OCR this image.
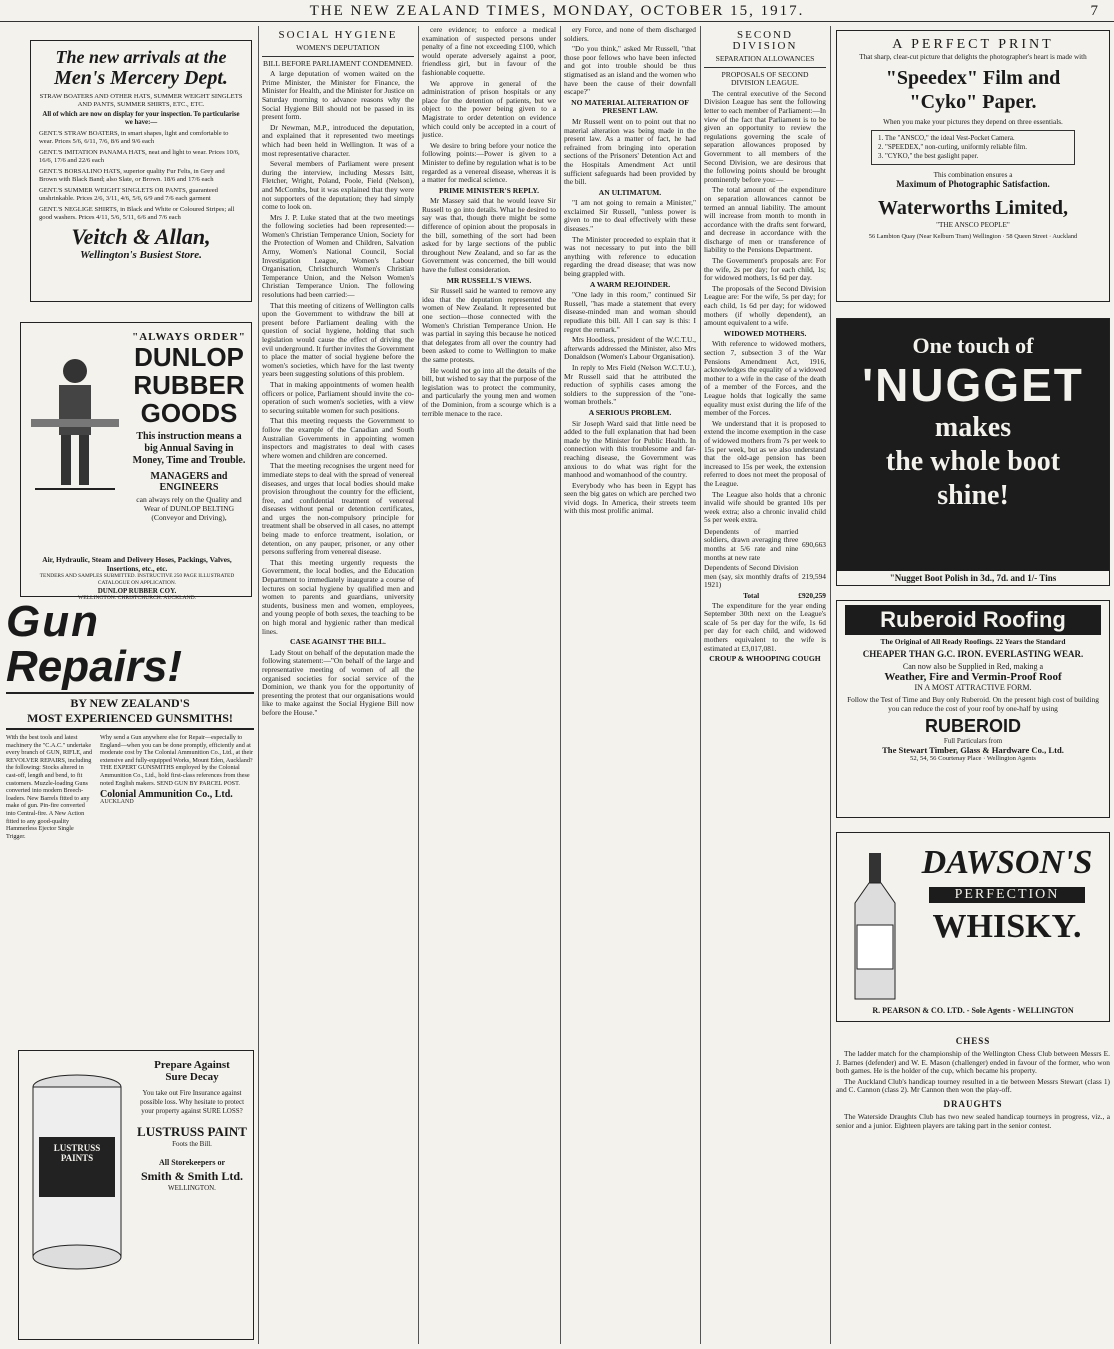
THE NEW ZEALAND TIMES, MONDAY, OCTOBER 15, 1917.	7
The new arrivals at the
Men's Mercery Dept.
STRAW BOATERS AND OTHER HATS, SUMMER WEIGHT SINGLETS AND PANTS, SUMMER SHIRTS, ETC., ETC.
All of which are now on display for your inspection. To particularise we have:—

GENT.'S STRAW BOATERS, in smart shapes, light and comfortable to wear. Prices 5/6, 6/11, 7/6, 8/6 and 9/6 each

GENT.'S IMITATION PANAMA HATS, neat and light to wear. Prices 10/6, 16/6, 17/6 and 22/6 each

GENT.'S BORSALINO HATS, superior quality Fur Felts, in Grey and Brown with Black Band; also Slate, or Brown. 18/6 and 17/6 each

GENT.'S SUMMER WEIGHT SINGLETS OR PANTS, guaranteed unshrinkable. Prices 2/6, 3/11, 4/6, 5/6, 6/9 and 7/6 each garment

GENT.'S NEGLIGE SHIRTS, in Black and White or Coloured Stripes; all good washers. Prices 4/11, 5/6, 5/11, 6/6 and 7/6 each

Veitch & Allan,
Wellington's Busiest Store.
"ALWAYS ORDER"
DUNLOP
RUBBER
GOODS
This instruction means a big Annual Saving in Money, Time and Trouble.
MANAGERS and ENGINEERS
can always rely on the Quality and Wear of DUNLOP BELTING (Conveyor and Driving),
Air, Hydraulic, Steam and Delivery Hoses, Packings, Valves, Insertions, etc., etc.
TENDERS AND SAMPLES SUBMITTED. INSTRUCTIVE 250 PAGE ILLUSTRATED CATALOGUE ON APPLICATION.
DUNLOP RUBBER COY.
WELLINGTON. CHRISTCHURCH. AUCKLAND.
Gun
Repairs!
BY NEW ZEALAND'S
MOST EXPERIENCED GUNSMITHS!
With the best tools and latest machinery the "C.A.C." undertake every branch of GUN, RIFLE, and REVOLVER REPAIRS, including the following: Stocks altered in cast-off, length and bend, to fit customers. Muzzle-loading Guns converted into modern Breech-loaders. New Barrels fitted to any make of gun. Pin-fire converted into Central-fire. A New Action fitted to any good-quality Hammerless Ejector Single Trigger.
Why send a Gun anywhere else for Repair—especially to England—when you can be done promptly, efficiently and at moderate cost by The Colonial Ammunition Co., Ltd., at their extensive and fully-equipped Works, Mount Eden, Auckland? THE EXPERT GUNSMITHS employed by the Colonial Ammunition Co., Ltd., hold first-class references from these noted English makers. SEND GUN BY PARCEL POST.
Colonial Ammunition Co., Ltd.
AUCKLAND
LUSTRUSS
PAINTS
Prepare Against
Sure Decay
You take out Fire Insurance against possible loss. Why hesitate to protect your property against SURE LOSS?
LUSTRUSS PAINT
Foots the Bill.
All Storekeepers or
Smith & Smith Ltd.
WELLINGTON.
SOCIAL HYGIENE
WOMEN'S DEPUTATION
BILL BEFORE PARLIAMENT CONDEMNED.

A large deputation of women waited on the Prime Minister, the Minister for Finance, the Minister for Health, and the Minister for Justice on Saturday morning to advance reasons why the Social Hygiene Bill should not be passed in its present form.

Dr Newman, M.P., introduced the deputation, and explained that it represented two meetings which had been held in Wellington. It was of a most representative character.

Several members of Parliament were present during the interview, including Messrs Isitt, Fletcher, Wright, Poland, Poole, Field (Nelson), and McCombs, but it was explained that they were not supporters of the deputation; they had simply come to look on.

Mrs J. P. Luke stated that at the two meetings the following societies had been represented:—Women's Christian Temperance Union, Society for the Protection of Women and Children, Salvation Army, Women's National Council, Social Investigation League, Women's Labour Organisation, Christchurch Women's Christian Temperance Union, and the Nelson Women's Christian Temperance Union. The following resolutions had been carried:—

That this meeting of citizens of Wellington calls upon the Government to withdraw the bill at present before Parliament dealing with the question of social hygiene, holding that such legislation would cause the effect of driving the evil underground. It further invites the Government to place the matter of social hygiene before the women's societies, which have for the last twenty years been suggesting solutions of this problem.

That in making appointments of women health officers or police, Parliament should invite the co-operation of such women's societies, with a view to securing suitable women for such positions.

That this meeting requests the Government to follow the example of the Canadian and South Australian Governments in appointing women inspectors and magistrates to deal with cases where women and children are concerned.

That the meeting recognises the urgent need for immediate steps to deal with the spread of venereal diseases, and urges that local bodies should make provision throughout the country for the efficient, free, and confidential treatment of venereal diseases without penal or detention certificates, and urges the non-compulsory principle for treatment shall be observed in all cases, no attempt being made to enforce treatment, isolation, or detention, on any pauper, prisoner, or any other persons suffering from venereal disease.

That this meeting urgently requests the Government, the local bodies, and the Education Department to immediately inaugurate a course of lectures on social hygiene by qualified men and women to parents and guardians, university students, business men and women, employees, and young people of both sexes, the teaching to be on high moral and hygienic rather than medical lines.

CASE AGAINST THE BILL.

Lady Stout on behalf of the deputation made the following statement:—"On behalf of the large and representative meeting of women of all the organised societies for social service of the Dominion, we thank you for the opportunity of presenting the protest that our organisations would like to make against the Social Hygiene Bill now before the House."

cere evidence; to enforce a medical examination of suspected persons under penalty of a fine not exceeding £100, which would operate adversely against a poor, friendless girl, but in favour of the fashionable coquette.

We approve in general of the administration of prison hospitals or any place for the detention of patients, but we object to the power being given to a Magistrate to order detention on evidence which could only be accepted in a court of justice.

We desire to bring before your notice the following points:—Power is given to a Minister to define by regulation what is to be regarded as a venereal disease, whereas it is a matter for medical science.

PRIME MINISTER'S REPLY.

Mr Massey said that he would leave Sir Russell to go into details. What he desired to say was that, though there might be some difference of opinion about the proposals in the bill, something of the sort had been asked for by large sections of the public throughout New Zealand, and so far as the Government was concerned, the bill would have the fullest consideration.

MR RUSSELL'S VIEWS.

Sir Russell said he wanted to remove any idea that the deputation represented the women of New Zealand. It represented but one section—those connected with the Women's Christian Temperance Union. He was partial in saying this because he noticed that delegates from all over the country had been asked to come to Wellington to make the same protests.

He would not go into all the details of the bill, but wished to say that the purpose of the legislation was to protect the community, and particularly the young men and women of the Dominion, from a scourge which is a terrible menace to the race.

ery Force, and none of them discharged soldiers.

"Do you think," asked Mr Russell, "that those poor fellows who have been infected and got into trouble should be thus stigmatised as an island and the women who have been the cause of their downfall escape?"

NO MATERIAL ALTERATION OF PRESENT LAW.

Mr Russell went on to point out that no material alteration was being made in the present law. As a matter of fact, he had refrained from bringing into operation sections of the Prisoners' Detention Act and the Hospitals Amendment Act until sufficient safeguards had been provided by the bill.

AN ULTIMATUM.

"I am not going to remain a Minister," exclaimed Sir Russell, "unless power is given to me to deal effectively with these diseases."

The Minister proceeded to explain that it was not necessary to put into the bill anything with reference to education regarding the dread disease; that was now being grappled with.

A WARM REJOINDER.

"One lady in this room," continued Sir Russell, "has made a statement that every disease-minded man and woman should repudiate this bill. All I can say is this: I regret the remark."

Mrs Hoodless, president of the W.C.T.U., afterwards addressed the Minister, also Mrs Donaldson (Women's Labour Organisation).

In reply to Mrs Field (Nelson W.C.T.U.), Mr Russell said that he attributed the reduction of syphilis cases among the soldiers to the suppression of the "one-woman brothels."

A SERIOUS PROBLEM.

Sir Joseph Ward said that little need be added to the full explanation that had been made by the Minister for Public Health. In connection with this troublesome and far-reaching disease, the Government was anxious to do what was right for the manhood and womanhood of the country.

Everybody who has been in Egypt has seen the big gates on which are perched two vivid dogs. In America, their streets teem with this most prolific animal.

SECOND DIVISION
SEPARATION ALLOWANCES
PROPOSALS OF SECOND DIVISION LEAGUE.

The central executive of the Second Division League has sent the following letter to each member of Parliament:—In view of the fact that Parliament is to be given an opportunity to review the regulations governing the scale of separation allowances proposed by Government to all members of the Second Division, we are desirous that the following points should be brought prominently before you:—

The total amount of the expenditure on separation allowances cannot be termed an annual liability. The amount will increase from month to month in accordance with the drafts sent forward, and decrease in accordance with the discharge of men or transference of liability to the Pensions Department.

The Government's proposals are: For the wife, 2s per day; for each child, 1s; for widowed mothers, 1s 6d per day.

The proposals of the Second Division League are: For the wife, 5s per day; for each child, 1s 6d per day; for widowed mothers (if wholly dependent), an amount equivalent to a wife.

WIDOWED MOTHERS.

With reference to widowed mothers, section 7, subsection 3 of the War Pensions Amendment Act, 1916, acknowledges the equality of a widowed mother to a wife in the case of the death of a member of the Forces, and the League holds that logically the same equality must exist during the life of the member of the Forces.

We understand that it is proposed to extend the income exemption in the case of widowed mothers from 7s per week to 15s per week, but as we also understand that the old-age pension has been increased to 15s per week, the extension referred to does not meet the proposal of the League.

The League also holds that a chronic invalid wife should be granted 10s per week extra; also a chronic invalid child 5s per week extra.

Dependents of married soldiers, drawn averaging three months at 5/6 rate and nine months at new rate	690,663
Dependents of Second Division men (say, six monthly drafts of 1921)	219,594
Total	£920,259

The expenditure for the year ending September 30th next on the League's scale of 5s per day for the wife, 1s 6d per day for each child, and widowed mothers equivalent to the wife is estimated at £3,017,081.

CROUP & WHOOPING COUGH
A PERFECT PRINT
That sharp, clear-cut picture that delights the photographer's heart is made with
"Speedex" Film and
"Cyko" Paper.
When you make your pictures they depend on three essentials.
1. The "ANSCO," the ideal Vest-Pocket Camera.
2. "SPEEDEX," non-curling, uniformly reliable film.
3. "CYKO," the best gaslight paper.
This combination ensures a
Maximum of Photographic Satisfaction.
Waterworths Limited,
"THE ANSCO PEOPLE"
56 Lambton Quay (Near Kelburn Tram) Wellington · 58 Queen Street · Auckland
One touch of
'NUGGET
makes
the whole boot
shine!
"Nugget Boot Polish in 3d., 7d. and 1/- Tins
Ruberoid Roofing
The Original of All Ready Roofings. 22 Years the Standard
CHEAPER THAN G.C. IRON. EVERLASTING WEAR.
Can now also be Supplied in Red, making a
Weather, Fire and Vermin-Proof Roof
IN A MOST ATTRACTIVE FORM.
Follow the Test of Time and Buy only Ruberoid. On the present high cost of building you can reduce the cost of your roof by one-half by using
RUBEROID
Full Particulars from
The Stewart Timber, Glass & Hardware Co., Ltd.
52, 54, 56 Courtenay Place · Wellington Agents
DAWSON'S
PERFECTION
WHISKY.
R. PEARSON & CO. LTD. - Sole Agents - WELLINGTON
CHESS

The ladder match for the championship of the Wellington Chess Club between Messrs E. J. Barnes (defender) and W. E. Mason (challenger) ended in favour of the former, who won both games. He is the holder of the cup, which became his property.

The Auckland Club's handicap tourney resulted in a tie between Messrs Stewart (class 1) and C. Cannon (class 2). Mr Cannon then won the play-off.

DRAUGHTS

The Waterside Draughts Club has two new sealed handicap tourneys in progress, viz., a senior and a junior. Eighteen players are taking part in the senior contest.
